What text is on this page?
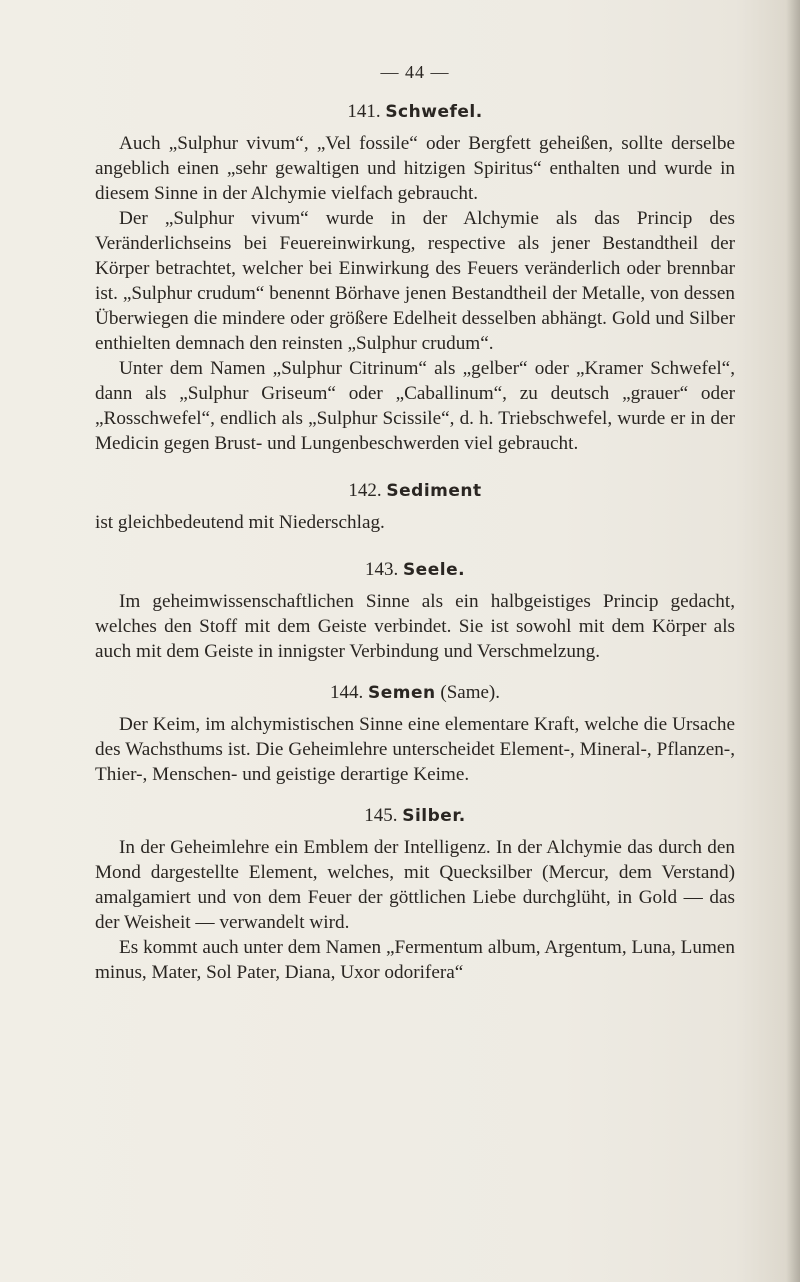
— 44 —
141. Schwefel.

Auch „Sulphur vivum“, „Vel fossile“ oder Bergfett geheißen, sollte derselbe angeblich einen „sehr gewaltigen und hitzigen Spiritus“ enthalten und wurde in diesem Sinne in der Alchymie vielfach gebraucht.

Der „Sulphur vivum“ wurde in der Alchymie als das Princip des Veränderlichseins bei Feuereinwirkung, respective als jener Bestandtheil der Körper betrachtet, welcher bei Einwirkung des Feuers veränderlich oder brennbar ist. „Sulphur crudum“ benennt Börhave jenen Bestandtheil der Metalle, von dessen Überwiegen die mindere oder größere Edelheit desselben abhängt. Gold und Silber enthielten demnach den reinsten „Sulphur crudum“.

Unter dem Namen „Sulphur Citrinum“ als „gelber“ oder „Kramer Schwefel“, dann als „Sulphur Griseum“ oder „Caballinum“, zu deutsch „grauer“ oder „Rosschwefel“, endlich als „Sulphur Scissile“, d. h. Triebschwefel, wurde er in der Medicin gegen Brust- und Lungenbeschwerden viel gebraucht.

142. Sediment

ist gleichbedeutend mit Niederschlag.

143. Seele.

Im geheimwissenschaftlichen Sinne als ein halbgeistiges Princip gedacht, welches den Stoff mit dem Geiste verbindet. Sie ist sowohl mit dem Körper als auch mit dem Geiste in innigster Verbindung und Verschmelzung.

144. Semen (Same).

Der Keim, im alchymistischen Sinne eine elementare Kraft, welche die Ursache des Wachsthums ist. Die Geheimlehre unterscheidet Element-, Mineral-, Pflanzen-, Thier-, Menschen- und geistige derartige Keime.

145. Silber.

In der Geheimlehre ein Emblem der Intelligenz. In der Alchymie das durch den Mond dargestellte Element, welches, mit Quecksilber (Mercur, dem Verstand) amalgamiert und von dem Feuer der göttlichen Liebe durchglüht, in Gold — das der Weisheit — verwandelt wird.

Es kommt auch unter dem Namen „Fermentum album, Argentum, Luna, Lumen minus, Mater, Sol Pater, Diana, Uxor odorifera“
